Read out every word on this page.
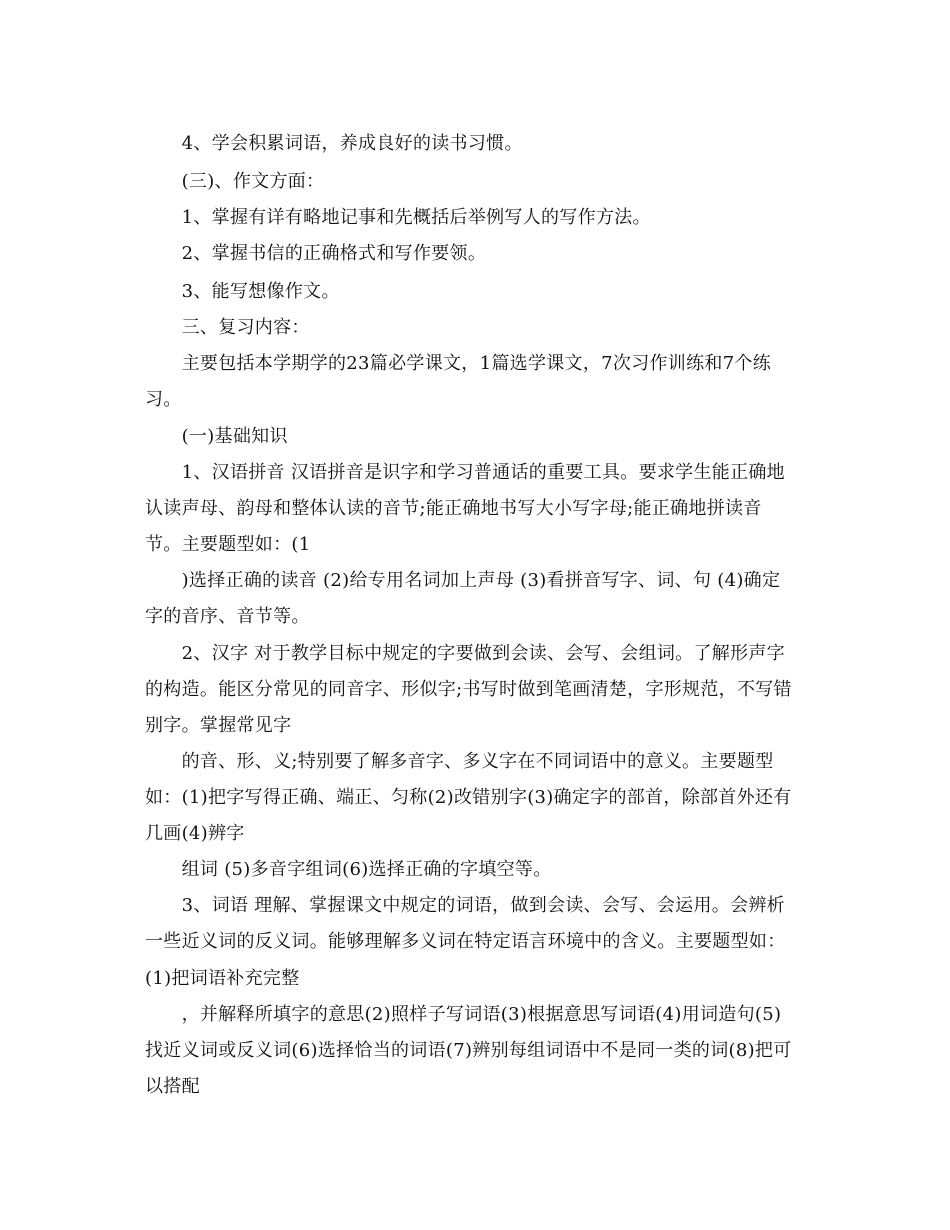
　　4、学会积累词语，养成良好的读书习惯。
　　(三)、作文方面：
　　1、掌握有详有略地记事和先概括后举例写人的写作方法。
　　2、掌握书信的正确格式和写作要领。
　　3、能写想像作文。
　　三、复习内容：
　　主要包括本学期学的23篇必学课文，1篇选学课文，7次习作训练和7个练
习。
　　(一)基础知识
　　1、汉语拼音 汉语拼音是识字和学习普通话的重要工具。要求学生能正确地
认读声母、韵母和整体认读的音节;能正确地书写大小写字母;能正确地拼读音
节。主要题型如：(1
　　)选择正确的读音 (2)给专用名词加上声母 (3)看拼音写字、词、句 (4)确定
字的音序、音节等。
　　2、汉字 对于教学目标中规定的字要做到会读、会写、会组词。了解形声字
的构造。能区分常见的同音字、形似字;书写时做到笔画清楚，字形规范，不写错
别字。掌握常见字
　　的音、形、义;特别要了解多音字、多义字在不同词语中的意义。主要题型
如：(1)把字写得正确、端正、匀称(2)改错别字(3)确定字的部首，除部首外还有
几画(4)辨字
　　组词 (5)多音字组词(6)选择正确的字填空等。
　　3、词语 理解、掌握课文中规定的词语，做到会读、会写、会运用。会辨析
一些近义词的反义词。能够理解多义词在特定语言环境中的含义。主要题型如：
(1)把词语补充完整
　　，并解释所填字的意思(2)照样子写词语(3)根据意思写词语(4)用词造句(5)
找近义词或反义词(6)选择恰当的词语(7)辨别每组词语中不是同一类的词(8)把可
以搭配
